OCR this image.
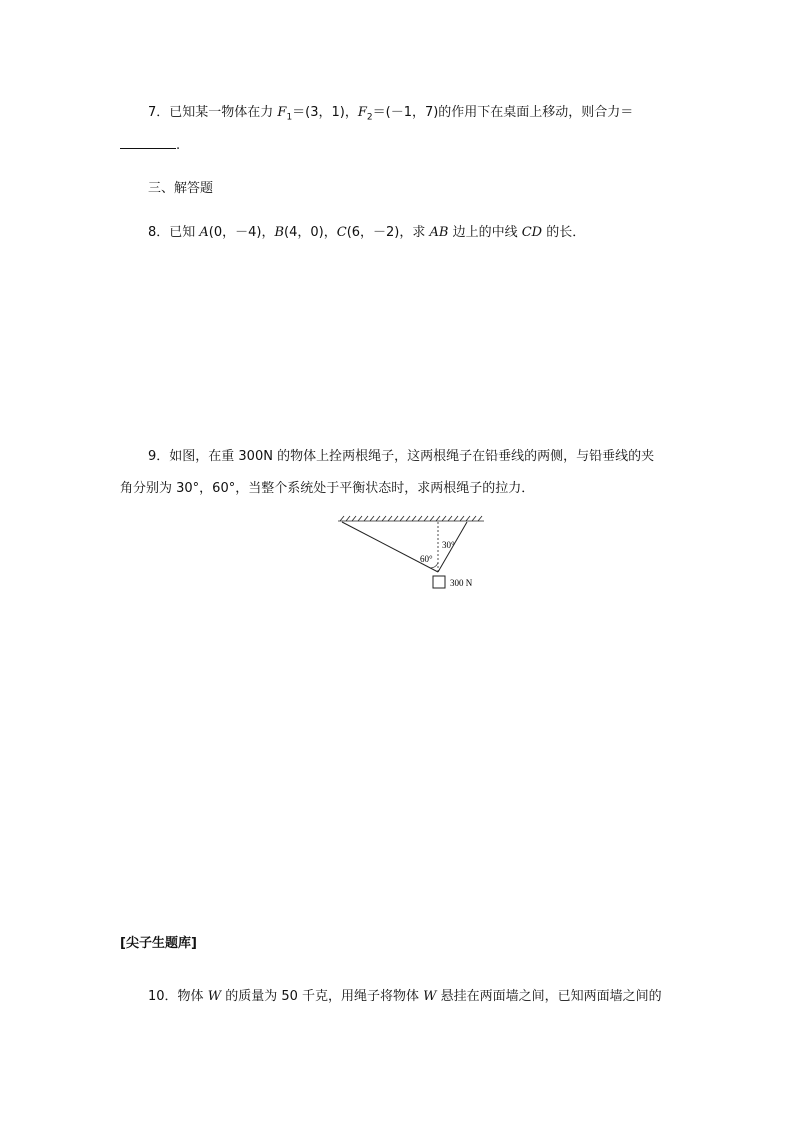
7．已知某一物体在力 $F_1=(3$，1)，$F_2=(-1$，7)的作用下在桌面上移动，则合力＝
.
三、解答题
8．已知 A(0，－4)，B(4，0)，C(6，－2)，求 AB 边上的中线 CD 的长．
9．如图，在重 300N 的物体上拴两根绳子，这两根绳子在铅垂线的两侧，与铅垂线的夹
角分别为 30°，60°，当整个系统处于平衡状态时，求两根绳子的拉力．
60°
30°
300 N
[尖子生题库]
10．物体 W 的质量为 50 千克，用绳子将物体 W 悬挂在两面墙之间，已知两面墙之间的
